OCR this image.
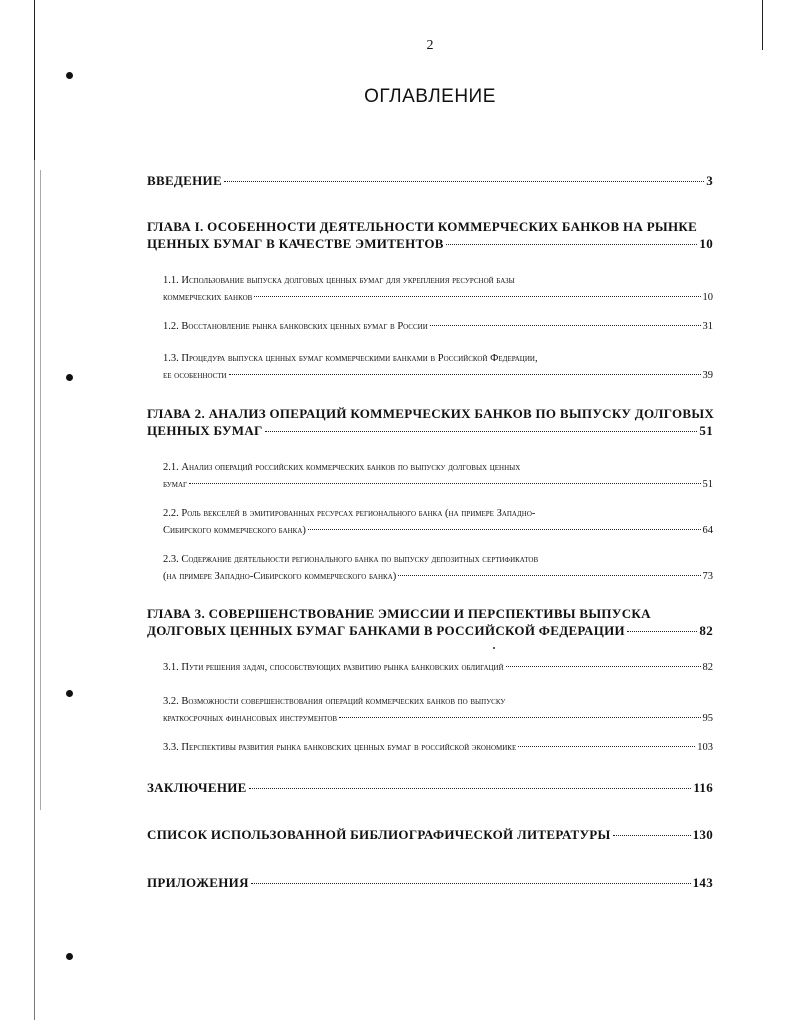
2
ОГЛАВЛЕНИЕ
ВВЕДЕНИЕ	3
ГЛАВА I. ОСОБЕННОСТИ ДЕЯТЕЛЬНОСТИ КОММЕРЧЕСКИХ БАНКОВ НА РЫНКЕ
ЦЕННЫХ БУМАГ В КАЧЕСТВЕ ЭМИТЕНТОВ	10
1.1. Использование выпуска долговых ценных бумаг для укрепления ресурсной базы
коммерческих банков	10
1.2. Восстановление рынка банковских ценных бумаг в России	31
1.3. Процедура выпуска ценных бумаг коммерческими банками в Российской Федерации,
ее особенности	39
ГЛАВА 2. АНАЛИЗ ОПЕРАЦИЙ КОММЕРЧЕСКИХ БАНКОВ ПО ВЫПУСКУ ДОЛГОВЫХ
ЦЕННЫХ БУМАГ	51
2.1. Анализ операций российских коммерческих банков по выпуску долговых ценных
бумаг	51
2.2. Роль векселей в эмитированных ресурсах регионального банка (на примере Западно-
Сибирского коммерческого банка)	64
2.3. Содержание деятельности регионального банка по выпуску депозитных сертификатов
(на примере Западно-Сибирского коммерческого банка)	73
ГЛАВА 3. СОВЕРШЕНСТВОВАНИЕ ЭМИССИИ И ПЕРСПЕКТИВЫ ВЫПУСКА
ДОЛГОВЫХ ЦЕННЫХ БУМАГ БАНКАМИ В РОССИЙСКОЙ ФЕДЕРАЦИИ	82
3.1. Пути решения задач, способствующих развитию рынка банковских облигаций	82
3.2. Возможности совершенствования операций коммерческих банков по выпуску
краткосрочных финансовых инструментов	95
3.3. Перспективы развития рынка банковских ценных бумаг в российской экономике	103
ЗАКЛЮЧЕНИЕ	116
СПИСОК ИСПОЛЬЗОВАННОЙ БИБЛИОГРАФИЧЕСКОЙ ЛИТЕРАТУРЫ	130
ПРИЛОЖЕНИЯ	143
